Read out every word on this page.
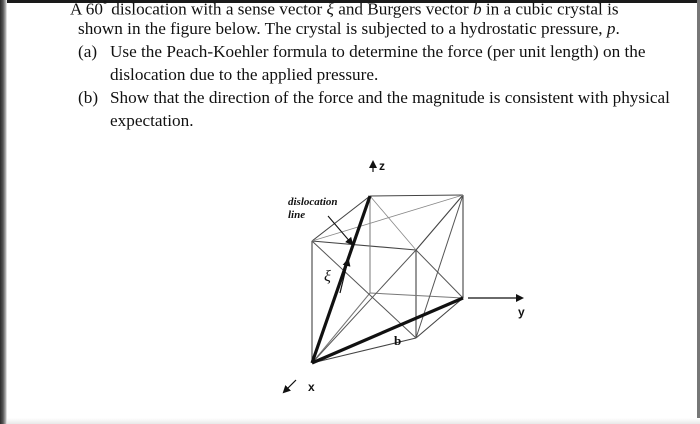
A 60° dislocation with a sense vector ξ and Burgers vector b in a cubic crystal is
shown in the figure below. The crystal is subjected to a hydrostatic pressure, p.
(a) Use the Peach-Koehler formula to determine the force (per unit length) on the
dislocation due to the applied pressure.
(b) Show that the direction of the force and the magnitude is consistent with physical
expectation.
dislocation
line
ξ
b
z
y
x
